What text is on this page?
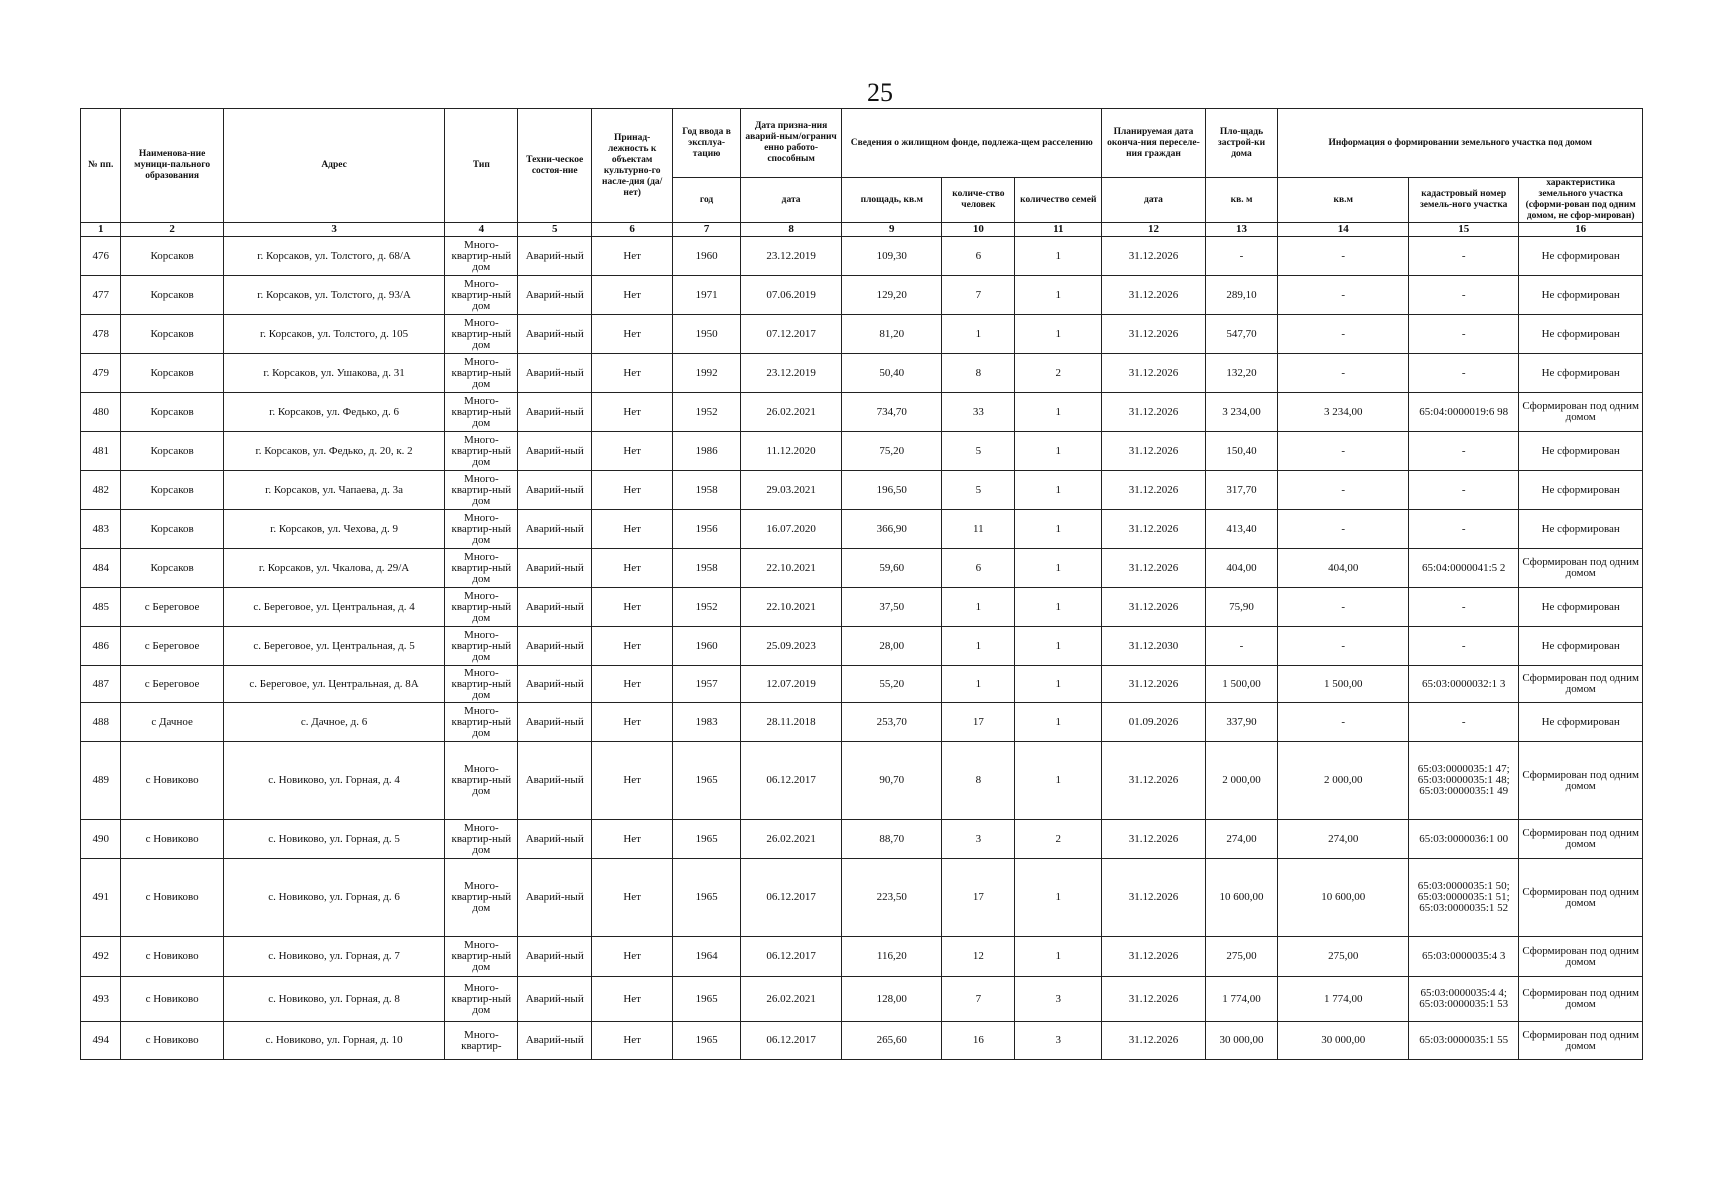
25
№ пп.	Наименова-ние муници-пального образования	Адрес	Тип	Техни-ческое состоя-ние	Принад-лежность к объектам культурно-го насле-дия (да/нет)	Год ввода в эксплуа-тацию	Дата призна-ния аварий-ным/огранич енно работо-способным	Сведения о жилищном фонде, подлежа-щем расселению			Планируемая дата оконча-ния переселе-ния граждан	Пло-щадь застрой-ки дома	Информация о формировании земельного участка под домом		
						год	дата	площадь, кв.м	количе-ство человек	количество семей	дата	кв. м	кв.м	кадастровый номер земель-ного участка	характеристика земельного участка (сформи-рован под одним домом, не сфор-мирован)
1	2	3	4	5	6	7	8	9	10	11	12	13	14	15	16
476	Корсаков	г. Корсаков, ул. Толстого, д. 68/А	Много-квартир-ный дом	Аварий-ный	Нет	1960	23.12.2019	109,30	6	1	31.12.2026	-	-	-	Не сформирован
477	Корсаков	г. Корсаков, ул. Толстого, д. 93/А	Много-квартир-ный дом	Аварий-ный	Нет	1971	07.06.2019	129,20	7	1	31.12.2026	289,10	-	-	Не сформирован
478	Корсаков	г. Корсаков, ул. Толстого, д. 105	Много-квартир-ный дом	Аварий-ный	Нет	1950	07.12.2017	81,20	1	1	31.12.2026	547,70	-	-	Не сформирован
479	Корсаков	г. Корсаков, ул. Ушакова, д. 31	Много-квартир-ный дом	Аварий-ный	Нет	1992	23.12.2019	50,40	8	2	31.12.2026	132,20	-	-	Не сформирован
480	Корсаков	г. Корсаков, ул. Федько, д. 6	Много-квартир-ный дом	Аварий-ный	Нет	1952	26.02.2021	734,70	33	1	31.12.2026	3 234,00	3 234,00	65:04:0000019:6 98	Сформирован под одним домом
481	Корсаков	г. Корсаков, ул. Федько, д. 20, к. 2	Много-квартир-ный дом	Аварий-ный	Нет	1986	11.12.2020	75,20	5	1	31.12.2026	150,40	-	-	Не сформирован
482	Корсаков	г. Корсаков, ул. Чапаева, д. 3а	Много-квартир-ный дом	Аварий-ный	Нет	1958	29.03.2021	196,50	5	1	31.12.2026	317,70	-	-	Не сформирован
483	Корсаков	г. Корсаков, ул. Чехова, д. 9	Много-квартир-ный дом	Аварий-ный	Нет	1956	16.07.2020	366,90	11	1	31.12.2026	413,40	-	-	Не сформирован
484	Корсаков	г. Корсаков, ул. Чкалова, д. 29/А	Много-квартир-ный дом	Аварий-ный	Нет	1958	22.10.2021	59,60	6	1	31.12.2026	404,00	404,00	65:04:0000041:5 2	Сформирован под одним домом
485	с Береговое	с. Береговое, ул. Центральная, д. 4	Много-квартир-ный дом	Аварий-ный	Нет	1952	22.10.2021	37,50	1	1	31.12.2026	75,90	-	-	Не сформирован
486	с Береговое	с. Береговое, ул. Центральная, д. 5	Много-квартир-ный дом	Аварий-ный	Нет	1960	25.09.2023	28,00	1	1	31.12.2030	-	-	-	Не сформирован
487	с Береговое	с. Береговое, ул. Центральная, д. 8А	Много-квартир-ный дом	Аварий-ный	Нет	1957	12.07.2019	55,20	1	1	31.12.2026	1 500,00	1 500,00	65:03:0000032:1 3	Сформирован под одним домом
488	с Дачное	с. Дачное, д. 6	Много-квартир-ный дом	Аварий-ный	Нет	1983	28.11.2018	253,70	17	1	01.09.2026	337,90	-	-	Не сформирован
489	с Новиково	с. Новиково, ул. Горная, д. 4	Много-квартир-ный дом	Аварий-ный	Нет	1965	06.12.2017	90,70	8	1	31.12.2026	2 000,00	2 000,00	65:03:0000035:1 47; 65:03:0000035:1 48; 65:03:0000035:1 49	Сформирован под одним домом
490	с Новиково	с. Новиково, ул. Горная, д. 5	Много-квартир-ный дом	Аварий-ный	Нет	1965	26.02.2021	88,70	3	2	31.12.2026	274,00	274,00	65:03:0000036:1 00	Сформирован под одним домом
491	с Новиково	с. Новиково, ул. Горная, д. 6	Много-квартир-ный дом	Аварий-ный	Нет	1965	06.12.2017	223,50	17	1	31.12.2026	10 600,00	10 600,00	65:03:0000035:1 50; 65:03:0000035:1 51; 65:03:0000035:1 52	Сформирован под одним домом
492	с Новиково	с. Новиково, ул. Горная, д. 7	Много-квартир-ный дом	Аварий-ный	Нет	1964	06.12.2017	116,20	12	1	31.12.2026	275,00	275,00	65:03:0000035:4 3	Сформирован под одним домом
493	с Новиково	с. Новиково, ул. Горная, д. 8	Много-квартир-ный дом	Аварий-ный	Нет	1965	26.02.2021	128,00	7	3	31.12.2026	1 774,00	1 774,00	65:03:0000035:4 4; 65:03:0000035:1 53	Сформирован под одним домом
494	с Новиково	с. Новиково, ул. Горная, д. 10	Много-квартир-	Аварий-ный	Нет	1965	06.12.2017	265,60	16	3	31.12.2026	30 000,00	30 000,00	65:03:0000035:1 55	Сформирован под одним домом
